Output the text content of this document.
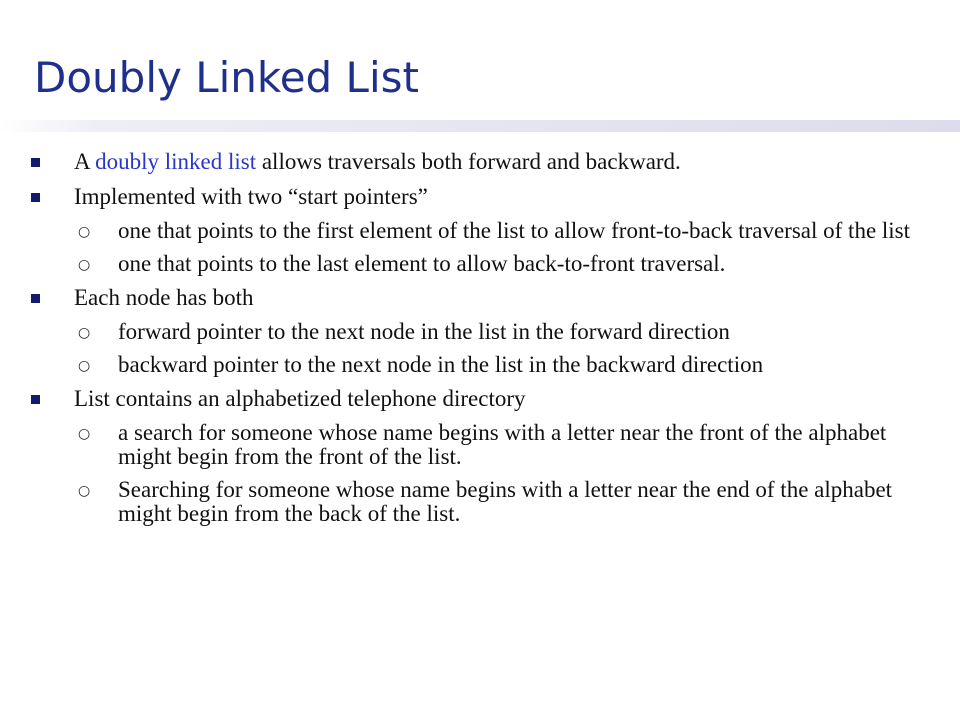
Doubly Linked List
A doubly linked list allows traversals both forward and backward.
Implemented with two “start pointers”
○ one that points to the first element of the list to allow front-to-back traversal of the list
○ one that points to the last element to allow back-to-front traversal.
Each node has both
○ forward pointer to the next node in the list in the forward direction
○ backward pointer to the next node in the list in the backward direction
List contains an alphabetized telephone directory
○ a search for someone whose name begins with a letter near the front of the alphabet might begin from the front of the list.
○ Searching for someone whose name begins with a letter near the end of the alphabet might begin from the back of the list.
